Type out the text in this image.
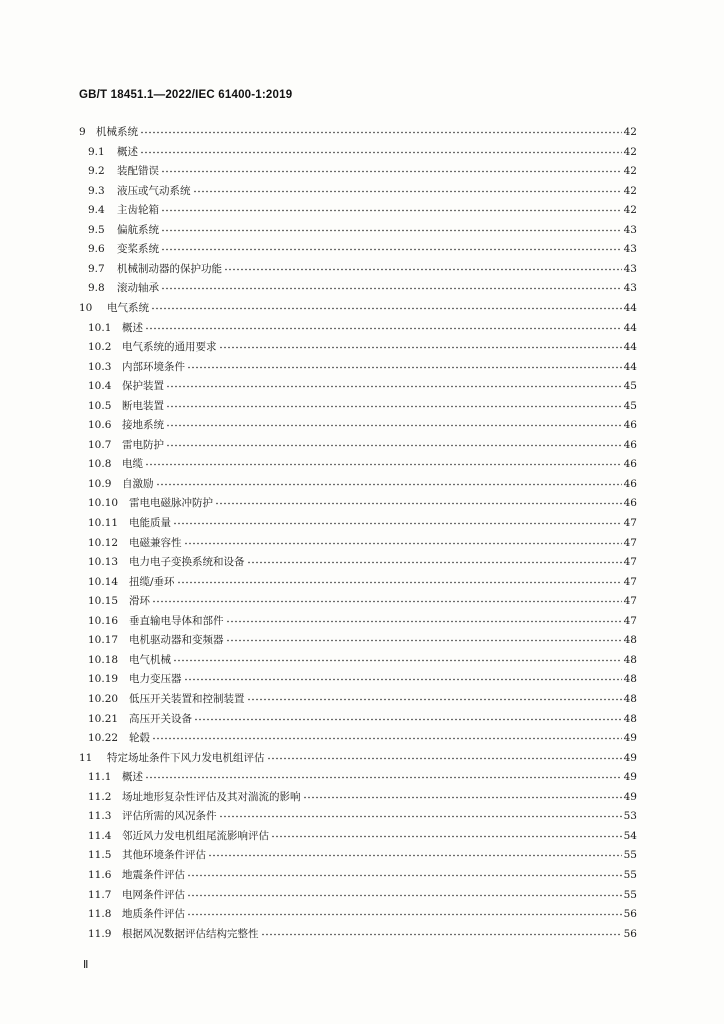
GB/T 18451.1—2022/IEC 61400-1:2019
9 机械系统	42
9.1	概述	42
9.2	装配错误	42
9.3	液压或气动系统	42
9.4	主齿轮箱	42
9.5	偏航系统	43
9.6	变桨系统	43
9.7	机械制动器的保护功能	43
9.8	滚动轴承	43
10	电气系统	44
10.1	概述	44
10.2	电气系统的通用要求	44
10.3	内部环境条件	44
10.4	保护装置	45
10.5	断电装置	45
10.6	接地系统	46
10.7	雷电防护	46
10.8	电缆	46
10.9	自激励	46
10.10	雷电电磁脉冲防护	46
10.11	电能质量	47
10.12	电磁兼容性	47
10.13	电力电子变换系统和设备	47
10.14	扭缆/垂环	47
10.15	滑环	47
10.16	垂直输电导体和部件	47
10.17	电机驱动器和变频器	48
10.18	电气机械	48
10.19	电力变压器	48
10.20	低压开关装置和控制装置	48
10.21	高压开关设备	48
10.22	轮毂	49
11	特定场址条件下风力发电机组评估	49
11.1	概述	49
11.2	场址地形复杂性评估及其对湍流的影响	49
11.3	评估所需的风况条件	53
11.4	邻近风力发电机组尾流影响评估	54
11.5	其他环境条件评估	55
11.6	地震条件评估	55
11.7	电网条件评估	55
11.8	地质条件评估	56
11.9	根据风况数据评估结构完整性	56
Ⅱ
